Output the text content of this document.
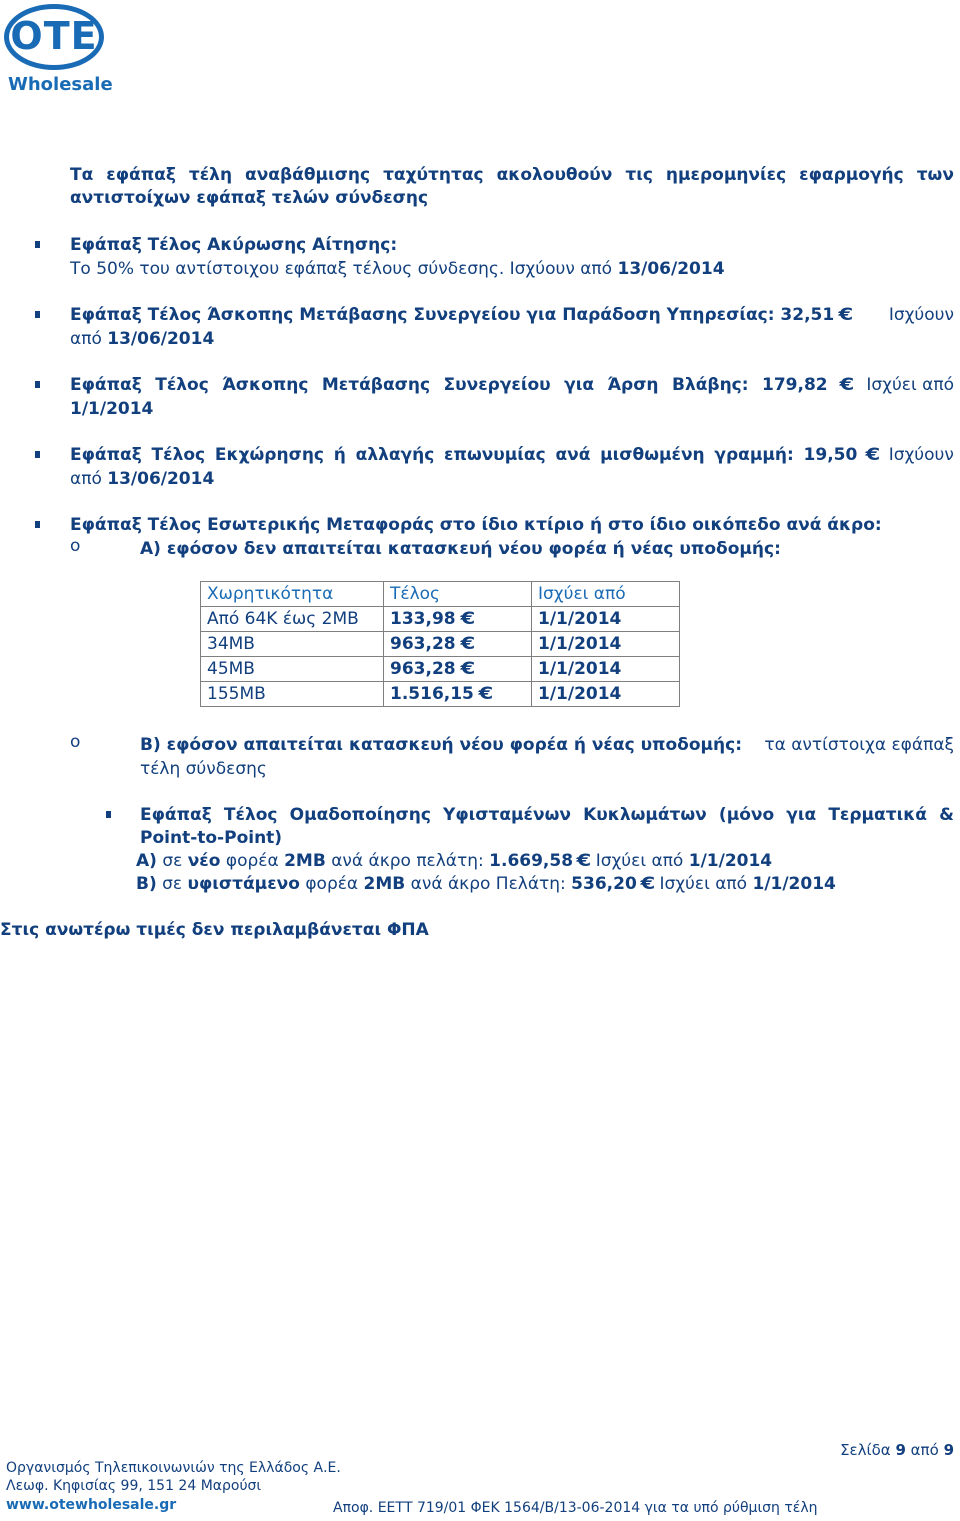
OTE
Wholesale
Τα εφάπαξ τέλη αναβάθμισης ταχύτητας ακολουθούν τις ημερομηνίες εφαρμογής των
αντιστοίχων εφάπαξ τελών σύνδεσης
Εφάπαξ Τέλος Ακύρωσης Αίτησης:
Το 50% του αντίστοιχου εφάπαξ τέλους σύνδεσης. Ισχύουν από 13/06/2014
Εφάπαξ Τέλος Άσκοπης Μετάβασης Συνεργείου για Παράδοση Υπηρεσίας: 32,51 € Ισχύουν
από 13/06/2014
Εφάπαξ Τέλος Άσκοπης Μετάβασης Συνεργείου για Άρση Βλάβης: 179,82 € Ισχύει από
1/1/2014
Εφάπαξ Τέλος Εκχώρησης ή αλλαγής επωνυμίας ανά μισθωμένη γραμμή: 19,50 € Ισχύουν
από 13/06/2014
Εφάπαξ Τέλος Εσωτερικής Μεταφοράς στο ίδιο κτίριο ή στο ίδιο οικόπεδο ανά άκρο:
o	Α) εφόσον δεν απαιτείται κατασκευή νέου φορέα ή νέας υποδομής:
Χωρητικότητα	Τέλος	Ισχύει από
Από 64Κ έως 2ΜΒ	133,98 €	1/1/2014
34ΜΒ	963,28 €	1/1/2014
45ΜΒ	963,28 €	1/1/2014
155ΜΒ	1.516,15 €	1/1/2014
o	Β) εφόσον απαιτείται κατασκευή νέου φορέα ή νέας υποδομής: τα αντίστοιχα εφάπαξ
τέλη σύνδεσης
Εφάπαξ Τέλος Ομαδοποίησης Υφισταμένων Κυκλωμάτων (μόνο για Τερματικά &
Point-to-Point)
Α) σε νέο φορέα 2MB ανά άκρο πελάτη: 1.669,58 € Ισχύει από 1/1/2014
Β) σε υφιστάμενο φορέα 2MB ανά άκρο Πελάτη: 536,20 € Ισχύει από 1/1/2014
Στις ανωτέρω τιμές δεν περιλαμβάνεται ΦΠΑ
Σελίδα 9 από 9
Οργανισμός Τηλεπικοινωνιών της Ελλάδος Α.Ε.
Λεωφ. Κηφισίας 99, 151 24 Μαρούσι
www.otewholesale.gr	Αποφ. ΕΕΤΤ 719/01 ΦΕΚ 1564/Β/13-06-2014 για τα υπό ρύθμιση τέλη
